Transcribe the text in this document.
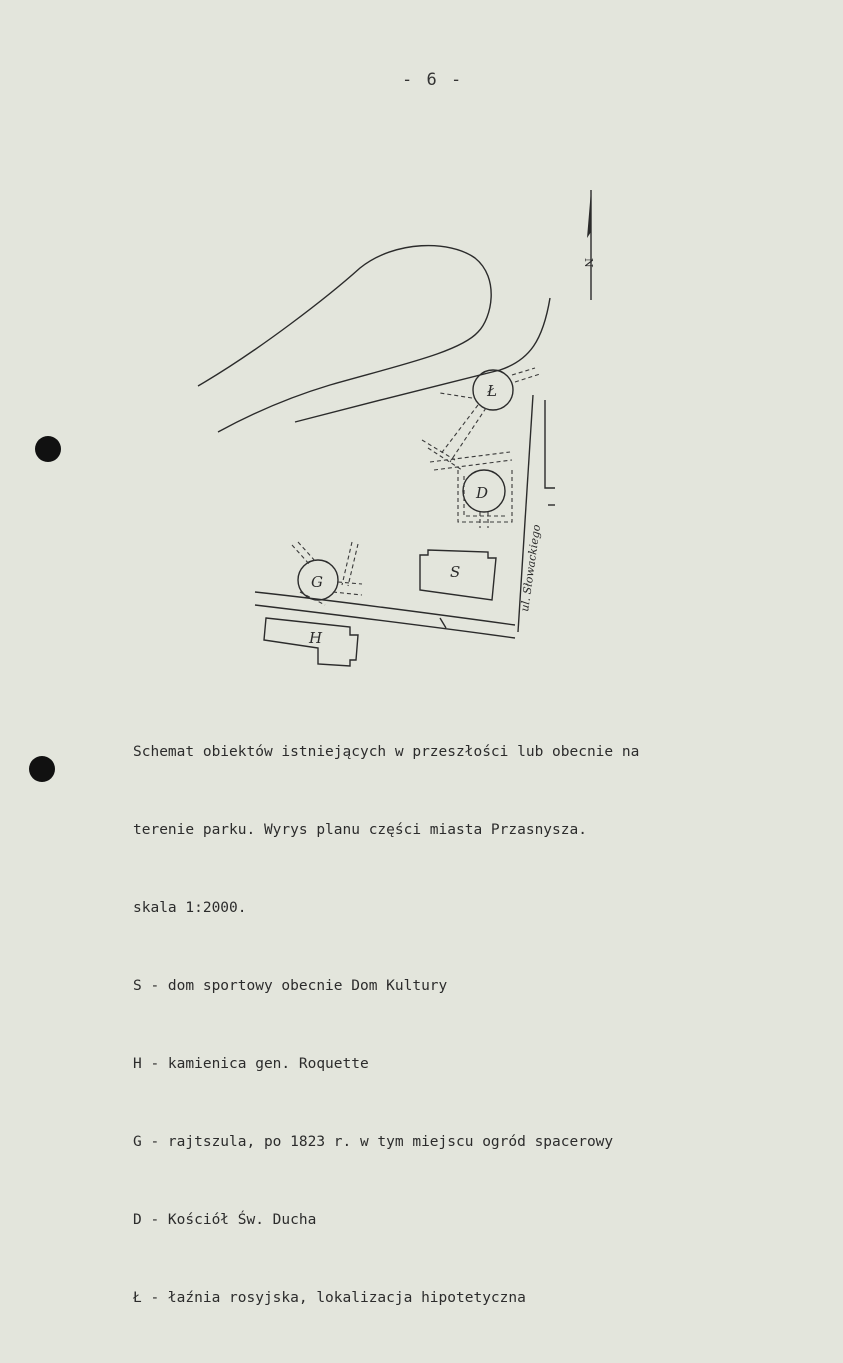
- 6 -
N
Ł
D
ul. Słowackiego
S
G
H

Schemat obiektów istniejących w przeszłości lub obecnie na

terenie parku. Wyrys planu części miasta Przasnysza.

skala 1:2000.

S - dom sportowy obecnie Dom Kultury

H - kamienica gen. Roquette

G - rajtszula, po 1823 r. w tym miejscu ogród spacerowy

D - Kościół Św. Ducha

Ł - łaźnia rosyjska, lokalizacja hipotetyczna
